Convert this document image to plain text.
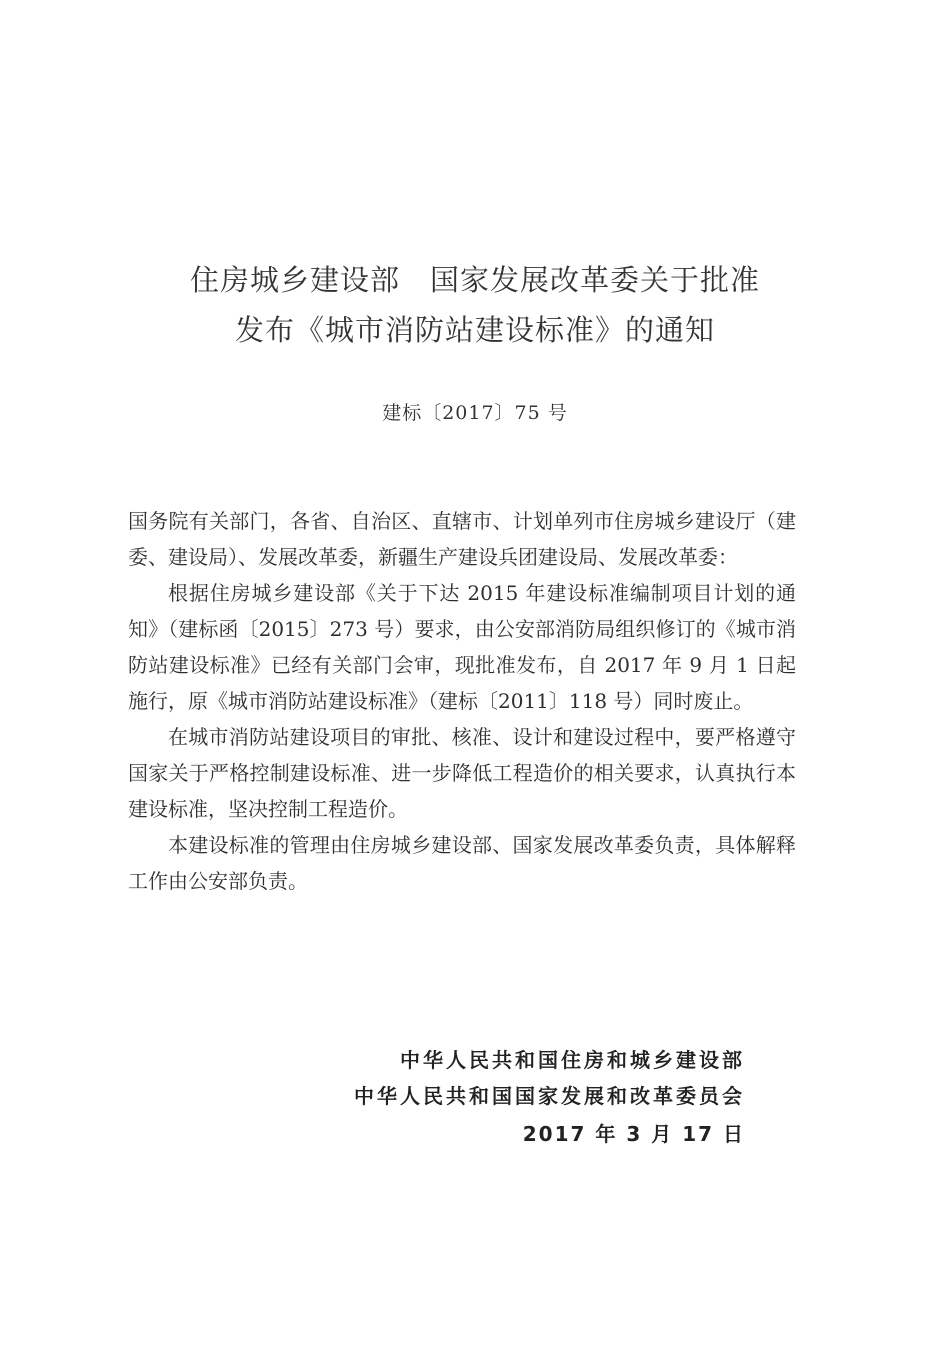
住房城乡建设部　国家发展改革委关于批准
发布《城市消防站建设标准》的通知
建标〔2017〕75 号

国务院有关部门，各省、自治区、直辖市、计划单列市住房城乡建设厅（建委、建设局）、发展改革委，新疆生产建设兵团建设局、发展改革委：

根据住房城乡建设部《关于下达 2015 年建设标准编制项目计划的通知》（建标函〔2015〕273 号）要求，由公安部消防局组织修订的《城市消防站建设标准》已经有关部门会审，现批准发布，自 2017 年 9 月 1 日起施行，原《城市消防站建设标准》（建标〔2011〕118 号）同时废止。

在城市消防站建设项目的审批、核准、设计和建设过程中，要严格遵守国家关于严格控制建设标准、进一步降低工程造价的相关要求，认真执行本建设标准，坚决控制工程造价。

本建设标准的管理由住房城乡建设部、国家发展改革委负责，具体解释工作由公安部负责。

中华人民共和国住房和城乡建设部
中华人民共和国国家发展和改革委员会
2017 年 3 月 17 日
